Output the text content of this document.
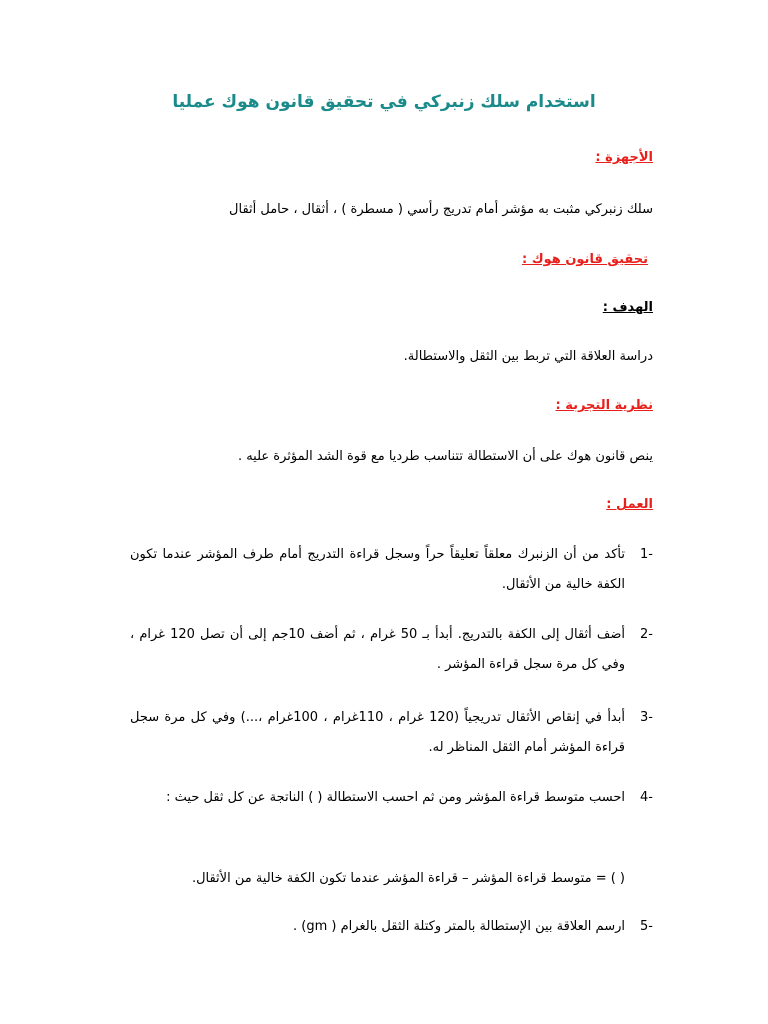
استخدام سلك زنبركي في تحقيق قانون هوك عمليا
الأجهزة :
سلك زنبركي مثبت به مؤشر أمام تدريج رأسي ( مسطرة ) ، أثقال ، حامل أثقال
تحقيق قانون هوك :
الهدف :
دراسة العلاقة التي تربط بين الثقل والاستطالة.
نظرية التجربة :
ينص قانون هوك على أن الاستطالة تتناسب طرديا مع قوة الشد المؤثرة عليه .
العمل :
-1
تأكد من أن الزنبرك معلقاً تعليقاً حراً وسجل قراءة التدريج أمام طرف المؤشر عندما تكون الكفة خالية من الأثقال.
-2
أضف أثقال إلى الكفة بالتدريج. أبدأ بـ 50 غرام ، ثم أضف 10جم إلى أن تصل 120 غرام ، وفي كل مرة سجل قراءة المؤشر .
-3
أبدأ في إنقاص الأثقال تدريجياً (120 غرام ، 110غرام ، 100غرام ،...) وفي كل مرة سجل قراءة المؤشر أمام الثقل المناظر له.
-4
احسب متوسط قراءة المؤشر ومن ثم احسب الاستطالة ( ) الناتجة عن كل ثقل حيث :
( ) = متوسط قراءة المؤشر – قراءة المؤشر عندما تكون الكفة خالية من الأثقال.
-5
ارسم العلاقة بين الإستطالة بالمتر وكتلة الثقل بالغرام ( gm) .
